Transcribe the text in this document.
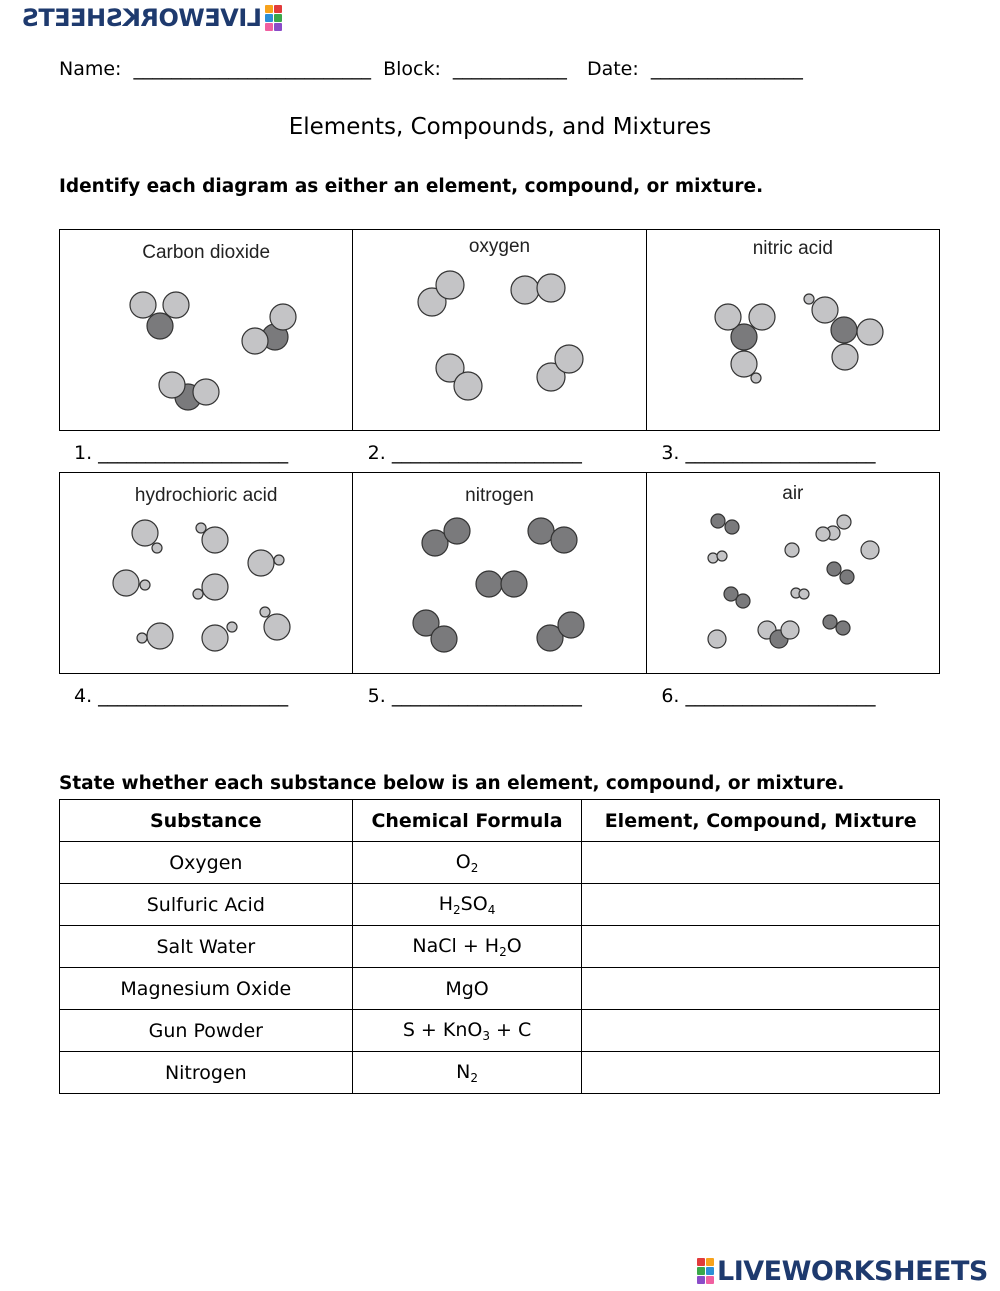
LIVEWORKSHEETS
Name: _________________________ Block: ____________ Date: ________________
Elements, Compounds, and Mixtures
Identify each diagram as either an element, compound, or mixture.
Carbon dioxide	oxygen	nitric acid
1. ____________________	2. ____________________	3. ____________________
hydrochioric acid	nitrogen	air
4. ____________________	5. ____________________	6. ____________________
State whether each substance below is an element, compound, or mixture.
Substance	Chemical Formula	Element, Compound, Mixture
Oxygen	$O_2$	
Sulfuric Acid	$H_2SO_4$	
Salt Water	NaCl + $H_2O$	
Magnesium Oxide	MgO	
Gun Powder	S + KnO$_3$ + C	
Nitrogen	$N_2$	
LIVEWORKSHEETS
